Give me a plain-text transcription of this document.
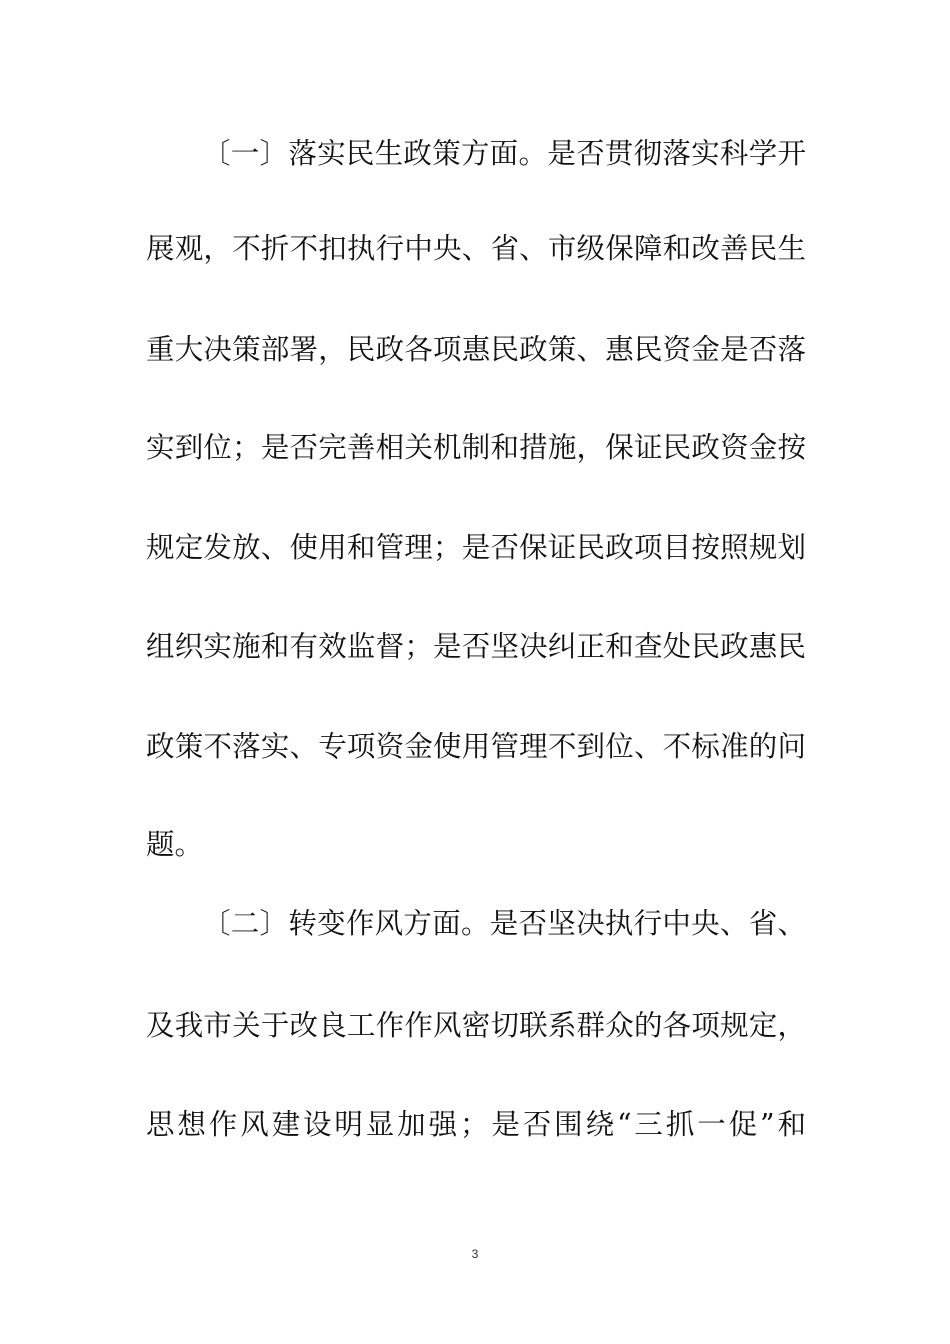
〔一〕落实民生政策方面。是否贯彻落实科学开
展观，不折不扣执行中央、省、市级保障和改善民生
重大决策部署，民政各项惠民政策、惠民资金是否落
实到位；是否完善相关机制和措施，保证民政资金按
规定发放、使用和管理；是否保证民政项目按照规划
组织实施和有效监督；是否坚决纠正和查处民政惠民
政策不落实、专项资金使用管理不到位、不标准的问
题。
〔二〕转变作风方面。是否坚决执行中央、省、
及我市关于改良工作作风密切联系群众的各项规定，
思想作风建设明显加强；是否围绕“三抓一促”和
3
